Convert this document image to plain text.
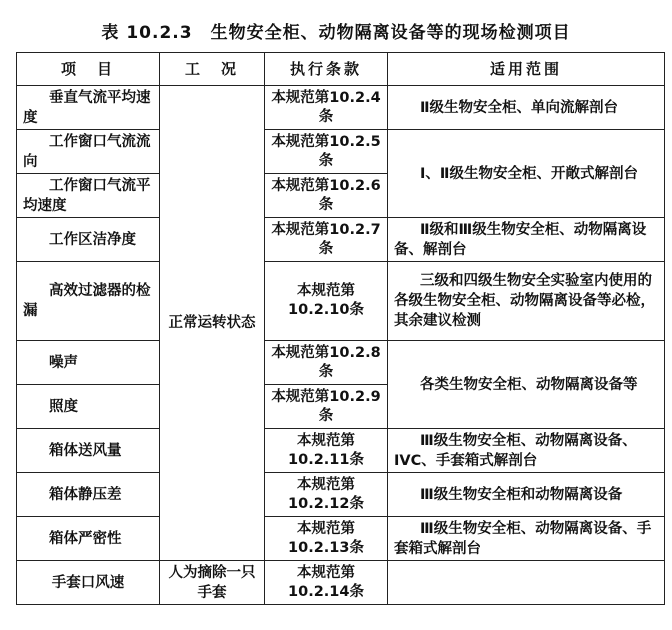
表 10.2.3　生物安全柜、动物隔离设备等的现场检测项目
项　目	工　况	执行条款	适用范围
垂直气流平均速度	正常运转状态	本规范第10.2.4条	Ⅱ级生物安全柜、单向流解剖台
工作窗口气流流向		本规范第10.2.5条	Ⅰ、Ⅱ级生物安全柜、开敞式解剖台
工作窗口气流平均速度		本规范第10.2.6条	
工作区洁净度		本规范第10.2.7条	Ⅱ级和Ⅲ级生物安全柜、动物隔离设备、解剖台
高效过滤器的检漏		本规范第10.2.10条	三级和四级生物安全实验室内使用的各级生物安全柜、动物隔离设备等必检，其余建议检测
噪声		本规范第10.2.8条	各类生物安全柜、动物隔离设备等
照度		本规范第10.2.9条	
箱体送风量		本规范第10.2.11条	Ⅲ级生物安全柜、动物隔离设备、IVC、手套箱式解剖台
箱体静压差		本规范第10.2.12条	Ⅲ级生物安全柜和动物隔离设备
箱体严密性		本规范第10.2.13条	Ⅲ级生物安全柜、动物隔离设备、手套箱式解剖台
手套口风速	人为摘除一只手套	本规范第10.2.14条	
